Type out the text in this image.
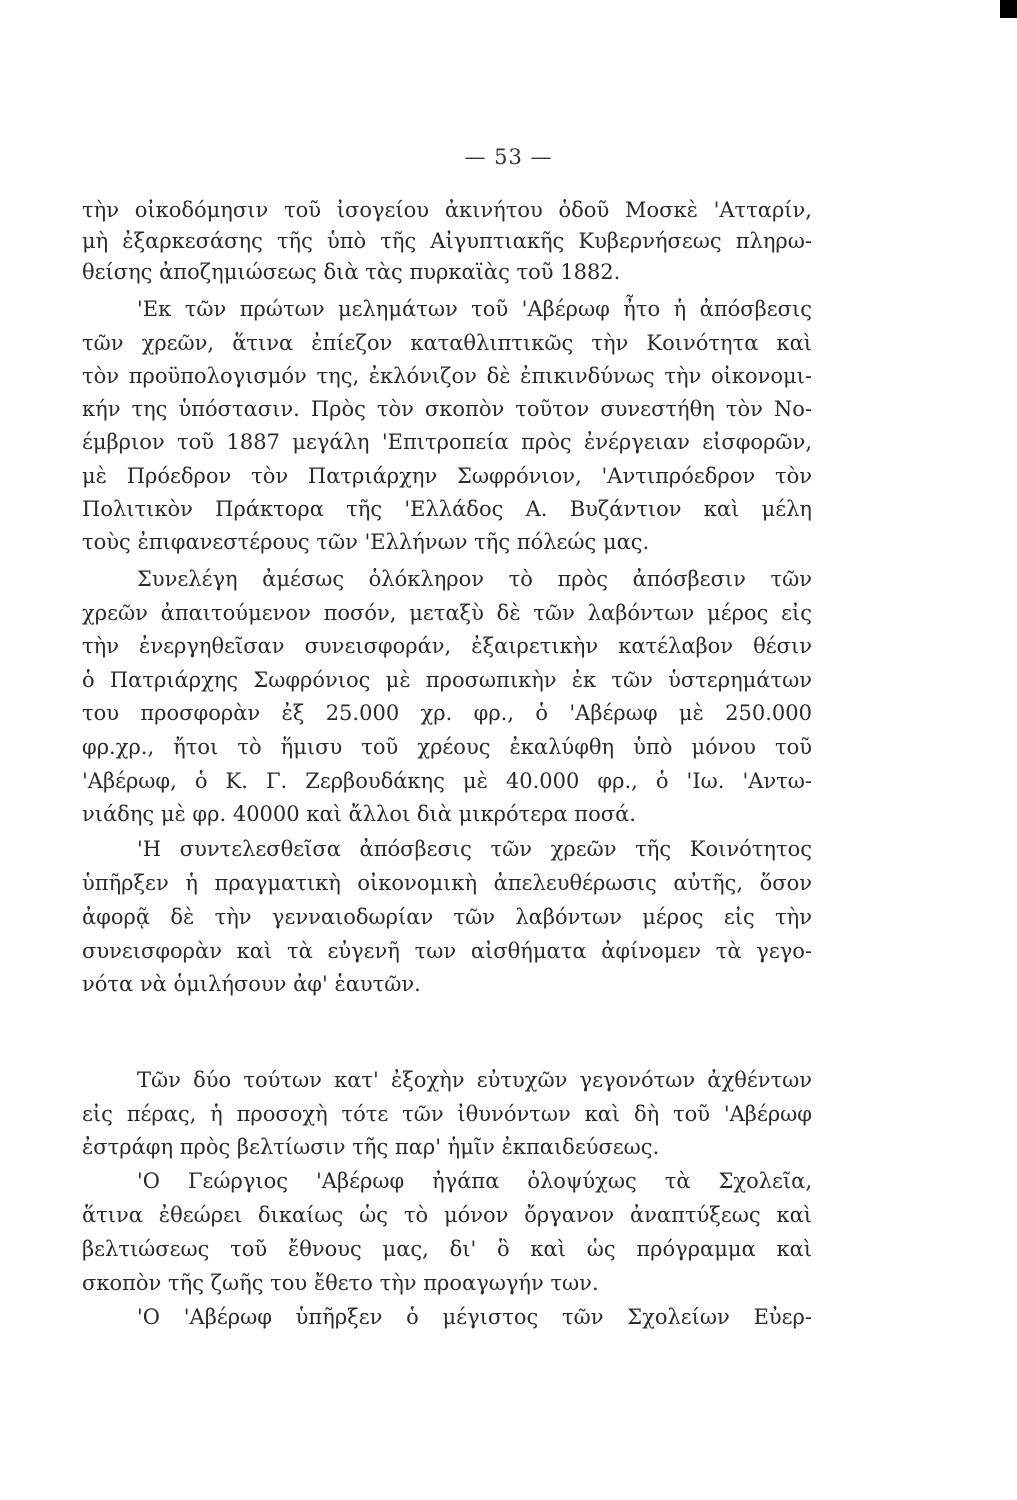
— 53 —
τὴν οἰκοδόμησιν τοῦ ἰσογείου ἀκινήτου ὁδοῦ Μοσκὲ 'Ατταρίν,
μὴ ἐξαρκεσάσης τῆς ὑπὸ τῆς Αἰγυπτιακῆς Κυβερνήσεως πληρω-
θείσης ἀποζημιώσεως διὰ τὰς πυρκαϊὰς τοῦ 1882.
'Εκ τῶν πρώτων μελημάτων τοῦ 'Αβέρωφ ἦτο ἡ ἀπόσβεσις
τῶν χρεῶν, ἅτινα ἐπίεζον καταθλιπτικῶς τὴν Κοινότητα καὶ
τὸν προϋπολογισμόν της, ἐκλόνιζον δὲ ἐπικινδύνως τὴν οἰκονομι-
κήν της ὑπόστασιν. Πρὸς τὸν σκοπὸν τοῦτον συνεστήθη τὸν Νο-
έμβριον τοῦ 1887 μεγάλη 'Επιτροπεία πρὸς ἐνέργειαν εἰσφορῶν,
μὲ Πρόεδρον τὸν Πατριάρχην Σωφρόνιον, 'Αντιπρόεδρον τὸν
Πολιτικὸν Πράκτορα τῆς 'Ελλάδος Α. Βυζάντιον καὶ μέλη
τοὺς ἐπιφανεστέρους τῶν 'Ελλήνων τῆς πόλεώς μας.
Συνελέγη ἀμέσως ὁλόκληρον τὸ πρὸς ἀπόσβεσιν τῶν
χρεῶν ἀπαιτούμενον ποσόν, μεταξὺ δὲ τῶν λαβόντων μέρος εἰς
τὴν ἐνεργηθεῖσαν συνεισφοράν, ἐξαιρετικὴν κατέλαβον θέσιν
ὁ Πατριάρχης Σωφρόνιος μὲ προσωπικὴν ἐκ τῶν ὑστερημάτων
του προσφορὰν ἐξ 25.000 χρ. φρ., ὁ 'Αβέρωφ μὲ 250.000
φρ.χρ., ἤτοι τὸ ἥμισυ τοῦ χρέους ἐκαλύφθη ὑπὸ μόνου τοῦ
'Αβέρωφ, ὁ Κ. Γ. Ζερβουδάκης μὲ 40.000 φρ., ὁ 'Ιω. 'Αντω-
νιάδης μὲ φρ. 40000 καὶ ἄλλοι διὰ μικρότερα ποσά.
'Η συντελεσθεῖσα ἀπόσβεσις τῶν χρεῶν τῆς Κοινότητος
ὑπῆρξεν ἡ πραγματικὴ οἰκονομικὴ ἀπελευθέρωσις αὐτῆς, ὅσον
ἀφορᾷ δὲ τὴν γενναιοδωρίαν τῶν λαβόντων μέρος εἰς τὴν
συνεισφορὰν καὶ τὰ εὐγενῆ των αἰσθήματα ἀφίνομεν τὰ γεγο-
νότα νὰ ὁμιλήσουν ἀφ' ἑαυτῶν.
Τῶν δύο τούτων κατ' ἐξοχὴν εὐτυχῶν γεγονότων ἀχθέντων
εἰς πέρας, ἡ προσοχὴ τότε τῶν ἰθυνόντων καὶ δὴ τοῦ 'Αβέρωφ
ἐστράφη πρὸς βελτίωσιν τῆς παρ' ἡμῖν ἐκπαιδεύσεως.
'Ο Γεώργιος 'Αβέρωφ ἠγάπα ὁλοψύχως τὰ Σχολεῖα,
ἅτινα ἐθεώρει δικαίως ὡς τὸ μόνον ὄργανον ἀναπτύξεως καὶ
βελτιώσεως τοῦ ἔθνους μας, δι' ὃ καὶ ὡς πρόγραμμα καὶ
σκοπὸν τῆς ζωῆς του ἔθετο τὴν προαγωγήν των.
'Ο 'Αβέρωφ ὑπῆρξεν ὁ μέγιστος τῶν Σχολείων Εὐερ-
